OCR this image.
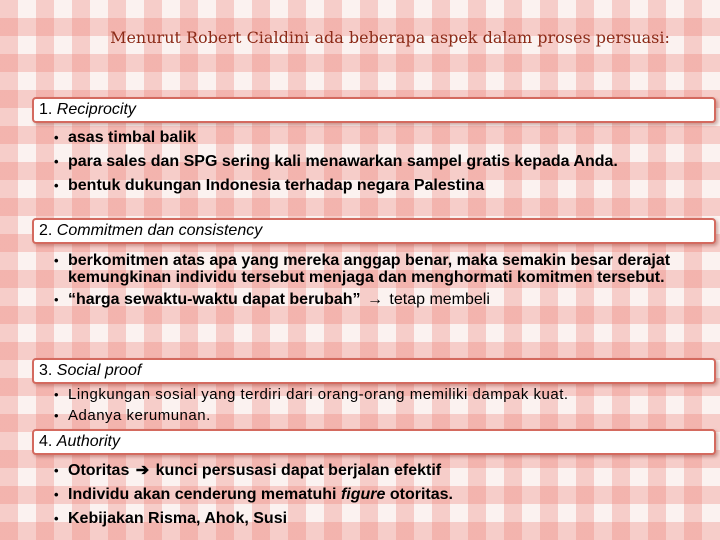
Menurut Robert Cialdini ada beberapa aspek dalam proses persuasi:
1. Reciprocity
• asas timbal balik
• para sales dan SPG sering kali menawarkan sampel gratis kepada Anda.
• bentuk dukungan Indonesia terhadap negara Palestina
2. Commitmen dan consistency
• berkomitmen atas apa yang mereka anggap benar, maka semakin besar derajat kemungkinan individu tersebut menjaga dan menghormati komitmen tersebut.
• “harga sewaktu-waktu dapat berubah” → tetap membeli
3. Social proof
• Lingkungan sosial yang terdiri dari orang-orang memiliki dampak kuat.
• Adanya kerumunan.
4. Authority
• Otoritas ➔ kunci persusasi dapat berjalan efektif
• Individu akan cenderung mematuhi figure otoritas.
• Kebijakan Risma, Ahok, Susi
